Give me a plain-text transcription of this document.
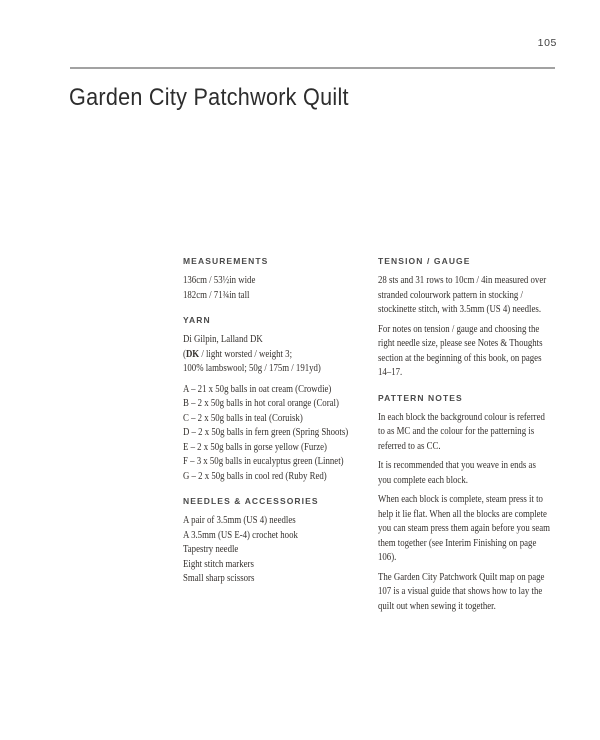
105
Garden City Patchwork Quilt
MEASUREMENTS
136cm / 53½in wide
182cm / 71¾in tall
YARN
Di Gilpin, Lalland DK
(DK / light worsted / weight 3;
100% lambswool; 50g / 175m / 191yd)
A – 21 x 50g balls in oat cream (Crowdie)
B – 2 x 50g balls in hot coral orange (Coral)
C – 2 x 50g balls in teal (Coruisk)
D – 2 x 50g balls in fern green (Spring Shoots)
E – 2 x 50g balls in gorse yellow (Furze)
F – 3 x 50g balls in eucalyptus green (Linnet)
G – 2 x 50g balls in cool red (Ruby Red)
NEEDLES & ACCESSORIES
A pair of 3.5mm (US 4) needles
A 3.5mm (US E-4) crochet hook
Tapestry needle
Eight stitch markers
Small sharp scissors
TENSION / GAUGE

28 sts and 31 rows to 10cm / 4in measured over stranded colourwork pattern in stocking / stockinette stitch, with 3.5mm (US 4) needles.

For notes on tension / gauge and choosing the right needle size, please see Notes & Thoughts section at the beginning of this book, on pages 14–17.

PATTERN NOTES

In each block the background colour is referred to as MC and the colour for the patterning is referred to as CC.

It is recommended that you weave in ends as you complete each block.

When each block is complete, steam press it to help it lie flat. When all the blocks are complete you can steam press them again before you seam them together (see Interim Finishing on page 106).

The Garden City Patchwork Quilt map on page 107 is a visual guide that shows how to lay the quilt out when sewing it together.
